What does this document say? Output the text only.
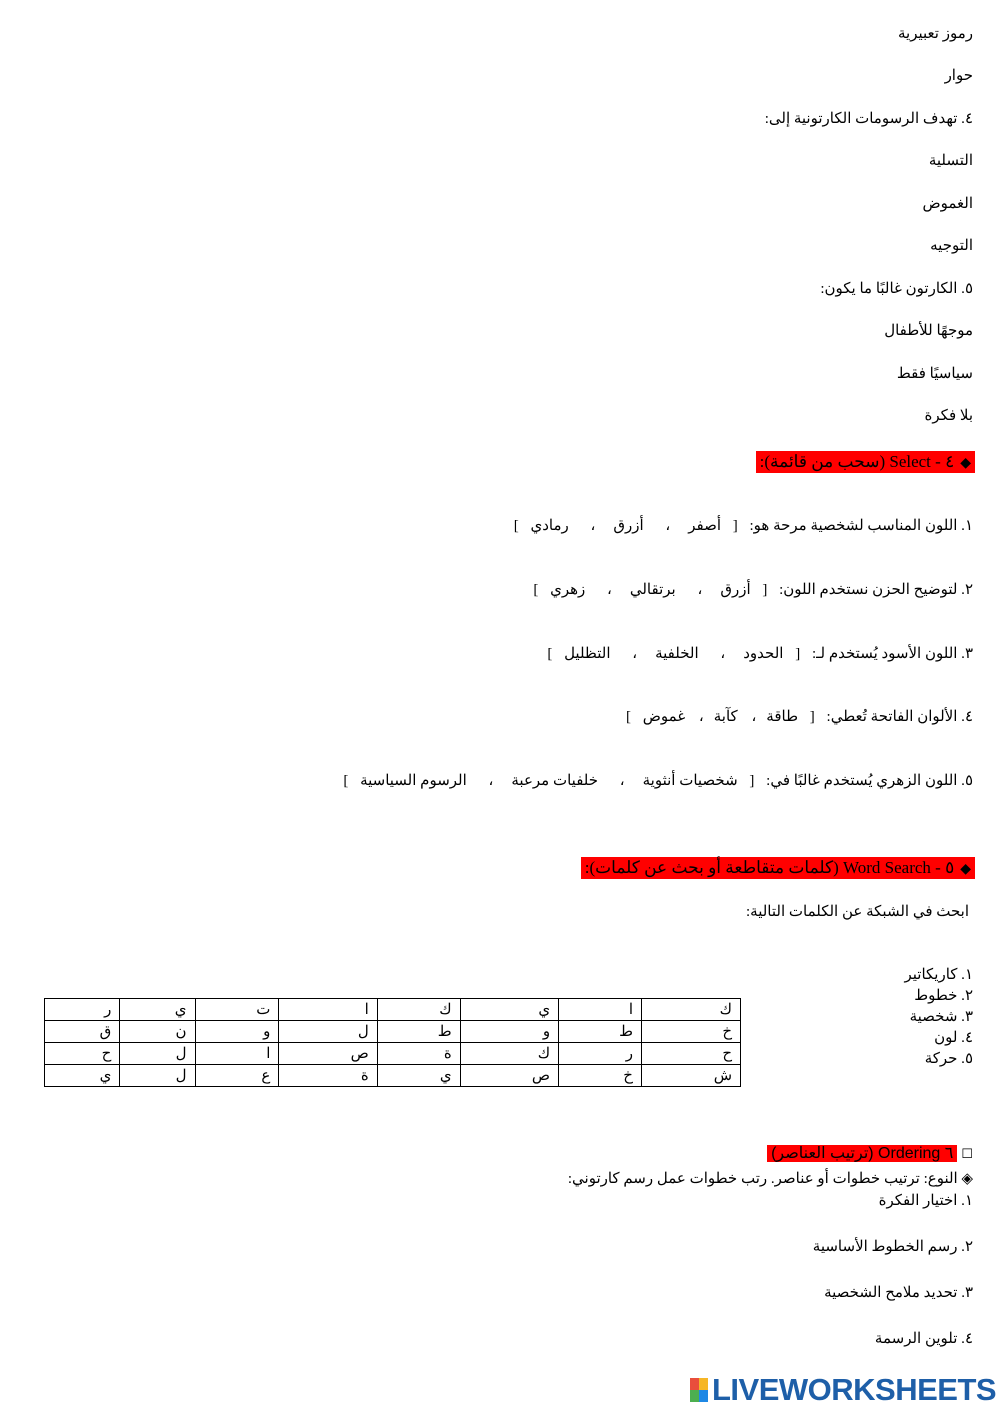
رموز تعبيرية
حوار
٤. تهدف الرسومات الكارتونية إلى:
التسلية
الغموض
التوجيه
٥. الكارتون غالبًا ما يكون:
موجهًا للأطفال
سياسيًا فقط
بلا فكرة
◆٤ - Select (سحب من قائمة):
١. اللون المناسب لشخصية مرحة هو: [ أصفر، أزرق، رمادي ]
٢. لتوضيح الحزن نستخدم اللون: [ أزرق، برتقالي، زهري ]
٣. اللون الأسود يُستخدم لـ: [ الحدود، الخلفية، التظليل ]
٤. الألوان الفاتحة تُعطي: [ طاقة، كآبة، غموض ]
٥. اللون الزهري يُستخدم غالبًا في: [ شخصيات أنثوية، خلفيات مرعبة، الرسوم السياسية ]
◆٥ - Word Search (كلمات متقاطعة أو بحث عن كلمات):
ابحث في الشبكة عن الكلمات التالية:
١. كاريكاتير
٢. خطوط
٣. شخصية
٤. لون
٥. حركة
ك	ا	ي	ك	ا	ت	ي	ر
خ	ط	و	ط	ل	و	ن	ق
ح	ر	ك	ة	ص	ا	ل	ح
ش	خ	ص	ي	ة	ع	ل	ي
☐٦ Ordering (ترتيب العناصر)
◈ النوع: ترتيب خطوات أو عناصر. رتب خطوات عمل رسم كارتوني:
١. اختيار الفكرة
٢. رسم الخطوط الأساسية
٣. تحديد ملامح الشخصية
٤. تلوين الرسمة
LIVEWORKSHEETS
